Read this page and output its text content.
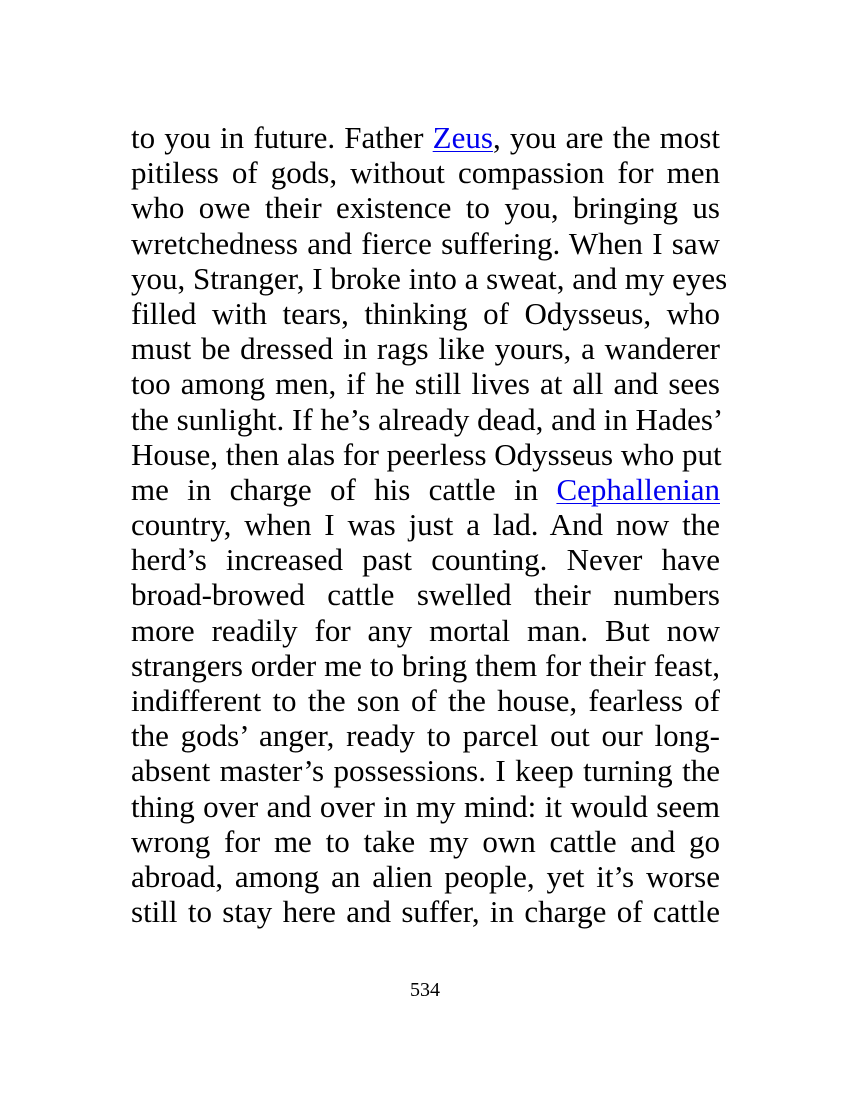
to you in future. Father Zeus, you are the most
pitiless of gods, without compassion for men
who owe their existence to you, bringing us
wretchedness and fierce suffering. When I saw
you, Stranger, I broke into a sweat, and my eyes
filled with tears, thinking of Odysseus, who
must be dressed in rags like yours, a wanderer
too among men, if he still lives at all and sees
the sunlight. If he’s already dead, and in Hades’
House, then alas for peerless Odysseus who put
me in charge of his cattle in Cephallenian
country, when I was just a lad. And now the
herd’s increased past counting. Never have
broad-browed cattle swelled their numbers
more readily for any mortal man. But now
strangers order me to bring them for their feast,
indifferent to the son of the house, fearless of
the gods’ anger, ready to parcel out our long-
absent master’s possessions. I keep turning the
thing over and over in my mind: it would seem
wrong for me to take my own cattle and go
abroad, among an alien people, yet it’s worse
still to stay here and suffer, in charge of cattle
534
